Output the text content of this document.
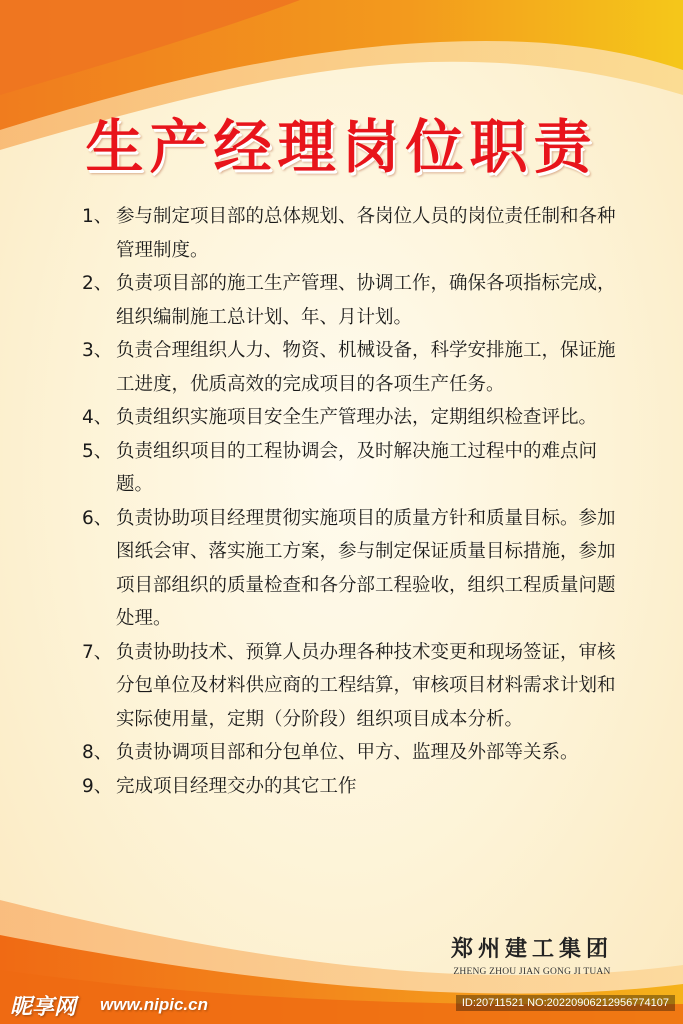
生产经理岗位职责
1、 参与制定项目部的总体规划、各岗位人员的岗位责任制和各种管理制度。
2、 负责项目部的施工生产管理、协调工作，确保各项指标完成，组织编制施工总计划、年、月计划。
3、 负责合理组织人力、物资、机械设备，科学安排施工，保证施工进度，优质高效的完成项目的各项生产任务。
4、 负责组织实施项目安全生产管理办法，定期组织检查评比。
5、 负责组织项目的工程协调会，及时解决施工过程中的难点问题。
6、 负责协助项目经理贯彻实施项目的质量方针和质量目标。参加图纸会审、落实施工方案，参与制定保证质量目标措施，参加项目部组织的质量检查和各分部工程验收，组织工程质量问题处理。
7、 负责协助技术、预算人员办理各种技术变更和现场签证，审核分包单位及材料供应商的工程结算，审核项目材料需求计划和实际使用量，定期（分阶段）组织项目成本分析。
8、 负责协调项目部和分包单位、甲方、监理及外部等关系。
9、 完成项目经理交办的其它工作
郑州建工集团
ZHENG ZHOU JIAN GONG JI TUAN
昵享网 www.nipic.cn	ID:20711521 NO:20220906212956774107
